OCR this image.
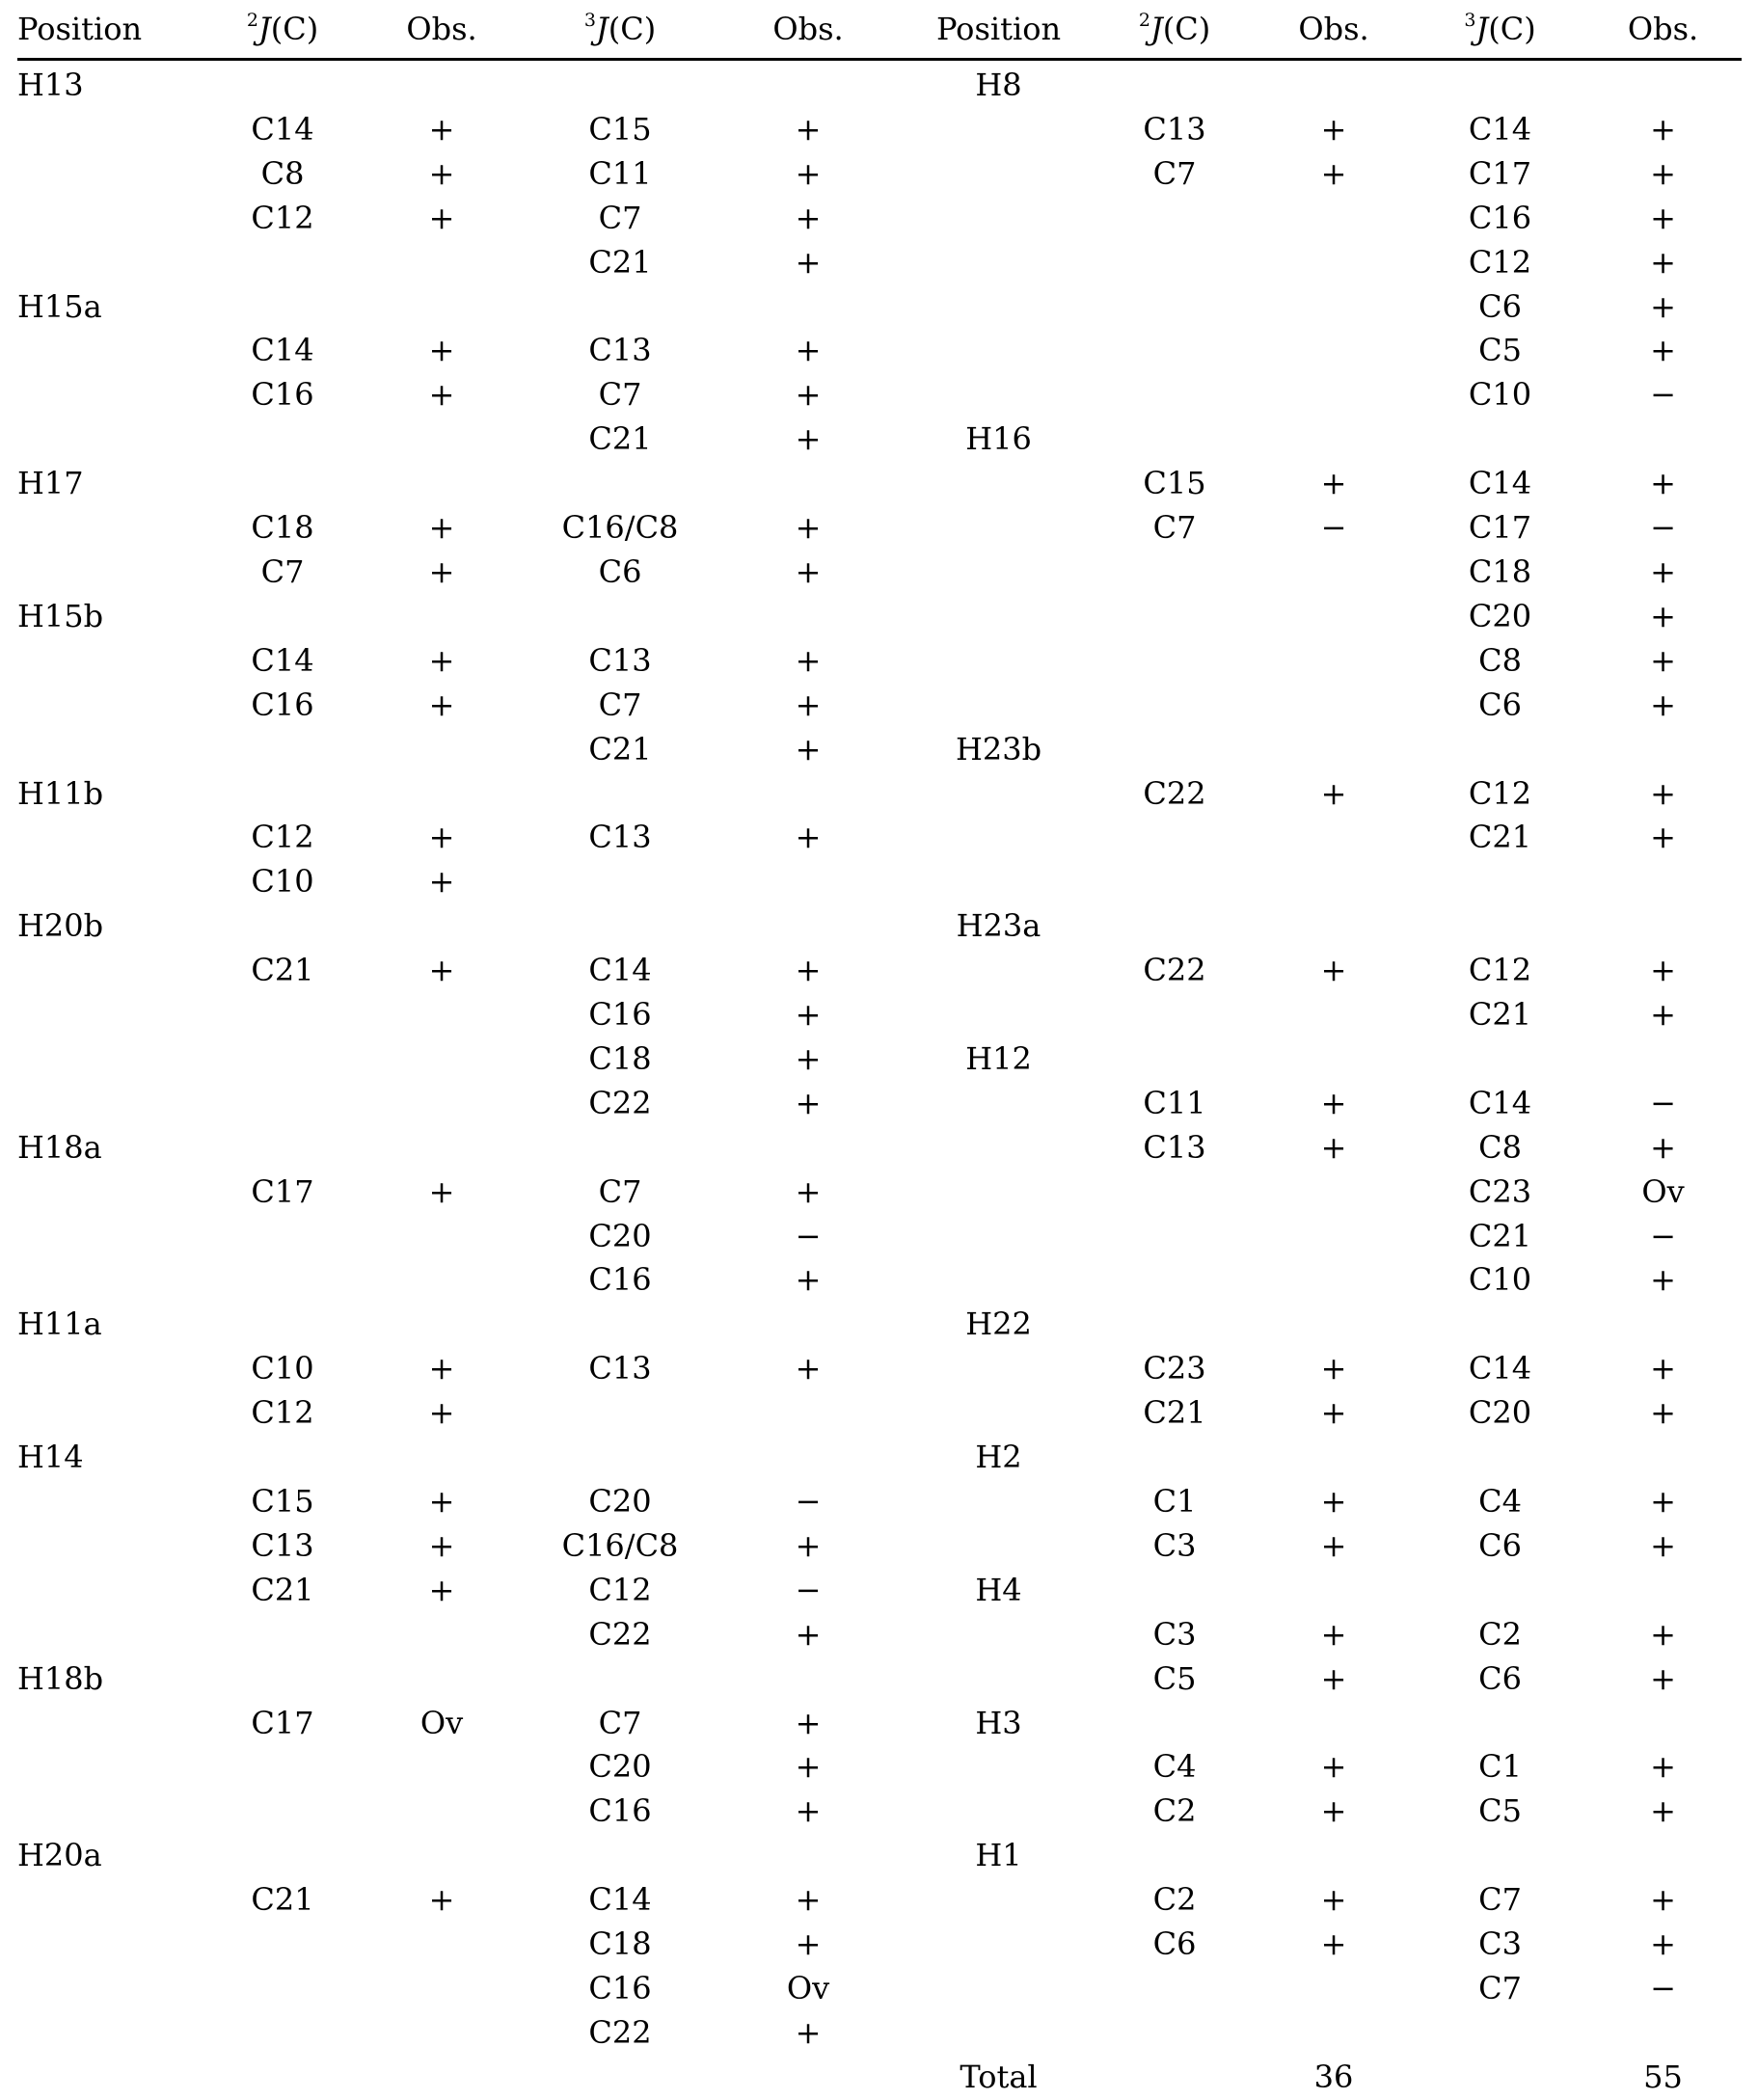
Position	$^2$J(C)	Obs.	$^3$J(C)	Obs.	Position	$^2$J(C)	Obs.	$^3$J(C)	Obs.
H13					H8				
	C14	+	C15	+		C13	+	C14	+
	C8	+	C11	+		C7	+	C17	+
	C12	+	C7	+				C16	+
			C21	+				C12	+
H15a								C6	+
	C14	+	C13	+				C5	+
	C16	+	C7	+				C10	−
			C21	+	H16				
H17						C15	+	C14	+
	C18	+	C16/C8	+		C7	−	C17	−
	C7	+	C6	+				C18	+
H15b								C20	+
	C14	+	C13	+				C8	+
	C16	+	C7	+				C6	+
			C21	+	H23b				
H11b						C22	+	C12	+
	C12	+	C13	+				C21	+
	C10	+							
H20b					H23a				
	C21	+	C14	+		C22	+	C12	+
			C16	+				C21	+
			C18	+	H12				
			C22	+		C11	+	C14	−
H18a						C13	+	C8	+
	C17	+	C7	+				C23	Ov
			C20	−				C21	−
			C16	+				C10	+
H11a					H22				
	C10	+	C13	+		C23	+	C14	+
	C12	+				C21	+	C20	+
H14					H2				
	C15	+	C20	−		C1	+	C4	+
	C13	+	C16/C8	+		C3	+	C6	+
	C21	+	C12	−	H4				
			C22	+		C3	+	C2	+
H18b						C5	+	C6	+
	C17	Ov	C7	+	H3				
			C20	+		C4	+	C1	+
			C16	+		C2	+	C5	+
H20a					H1				
	C21	+	C14	+		C2	+	C7	+
			C18	+		C6	+	C3	+
			C16	Ov				C7	−
			C22	+					
					Total		36		55
